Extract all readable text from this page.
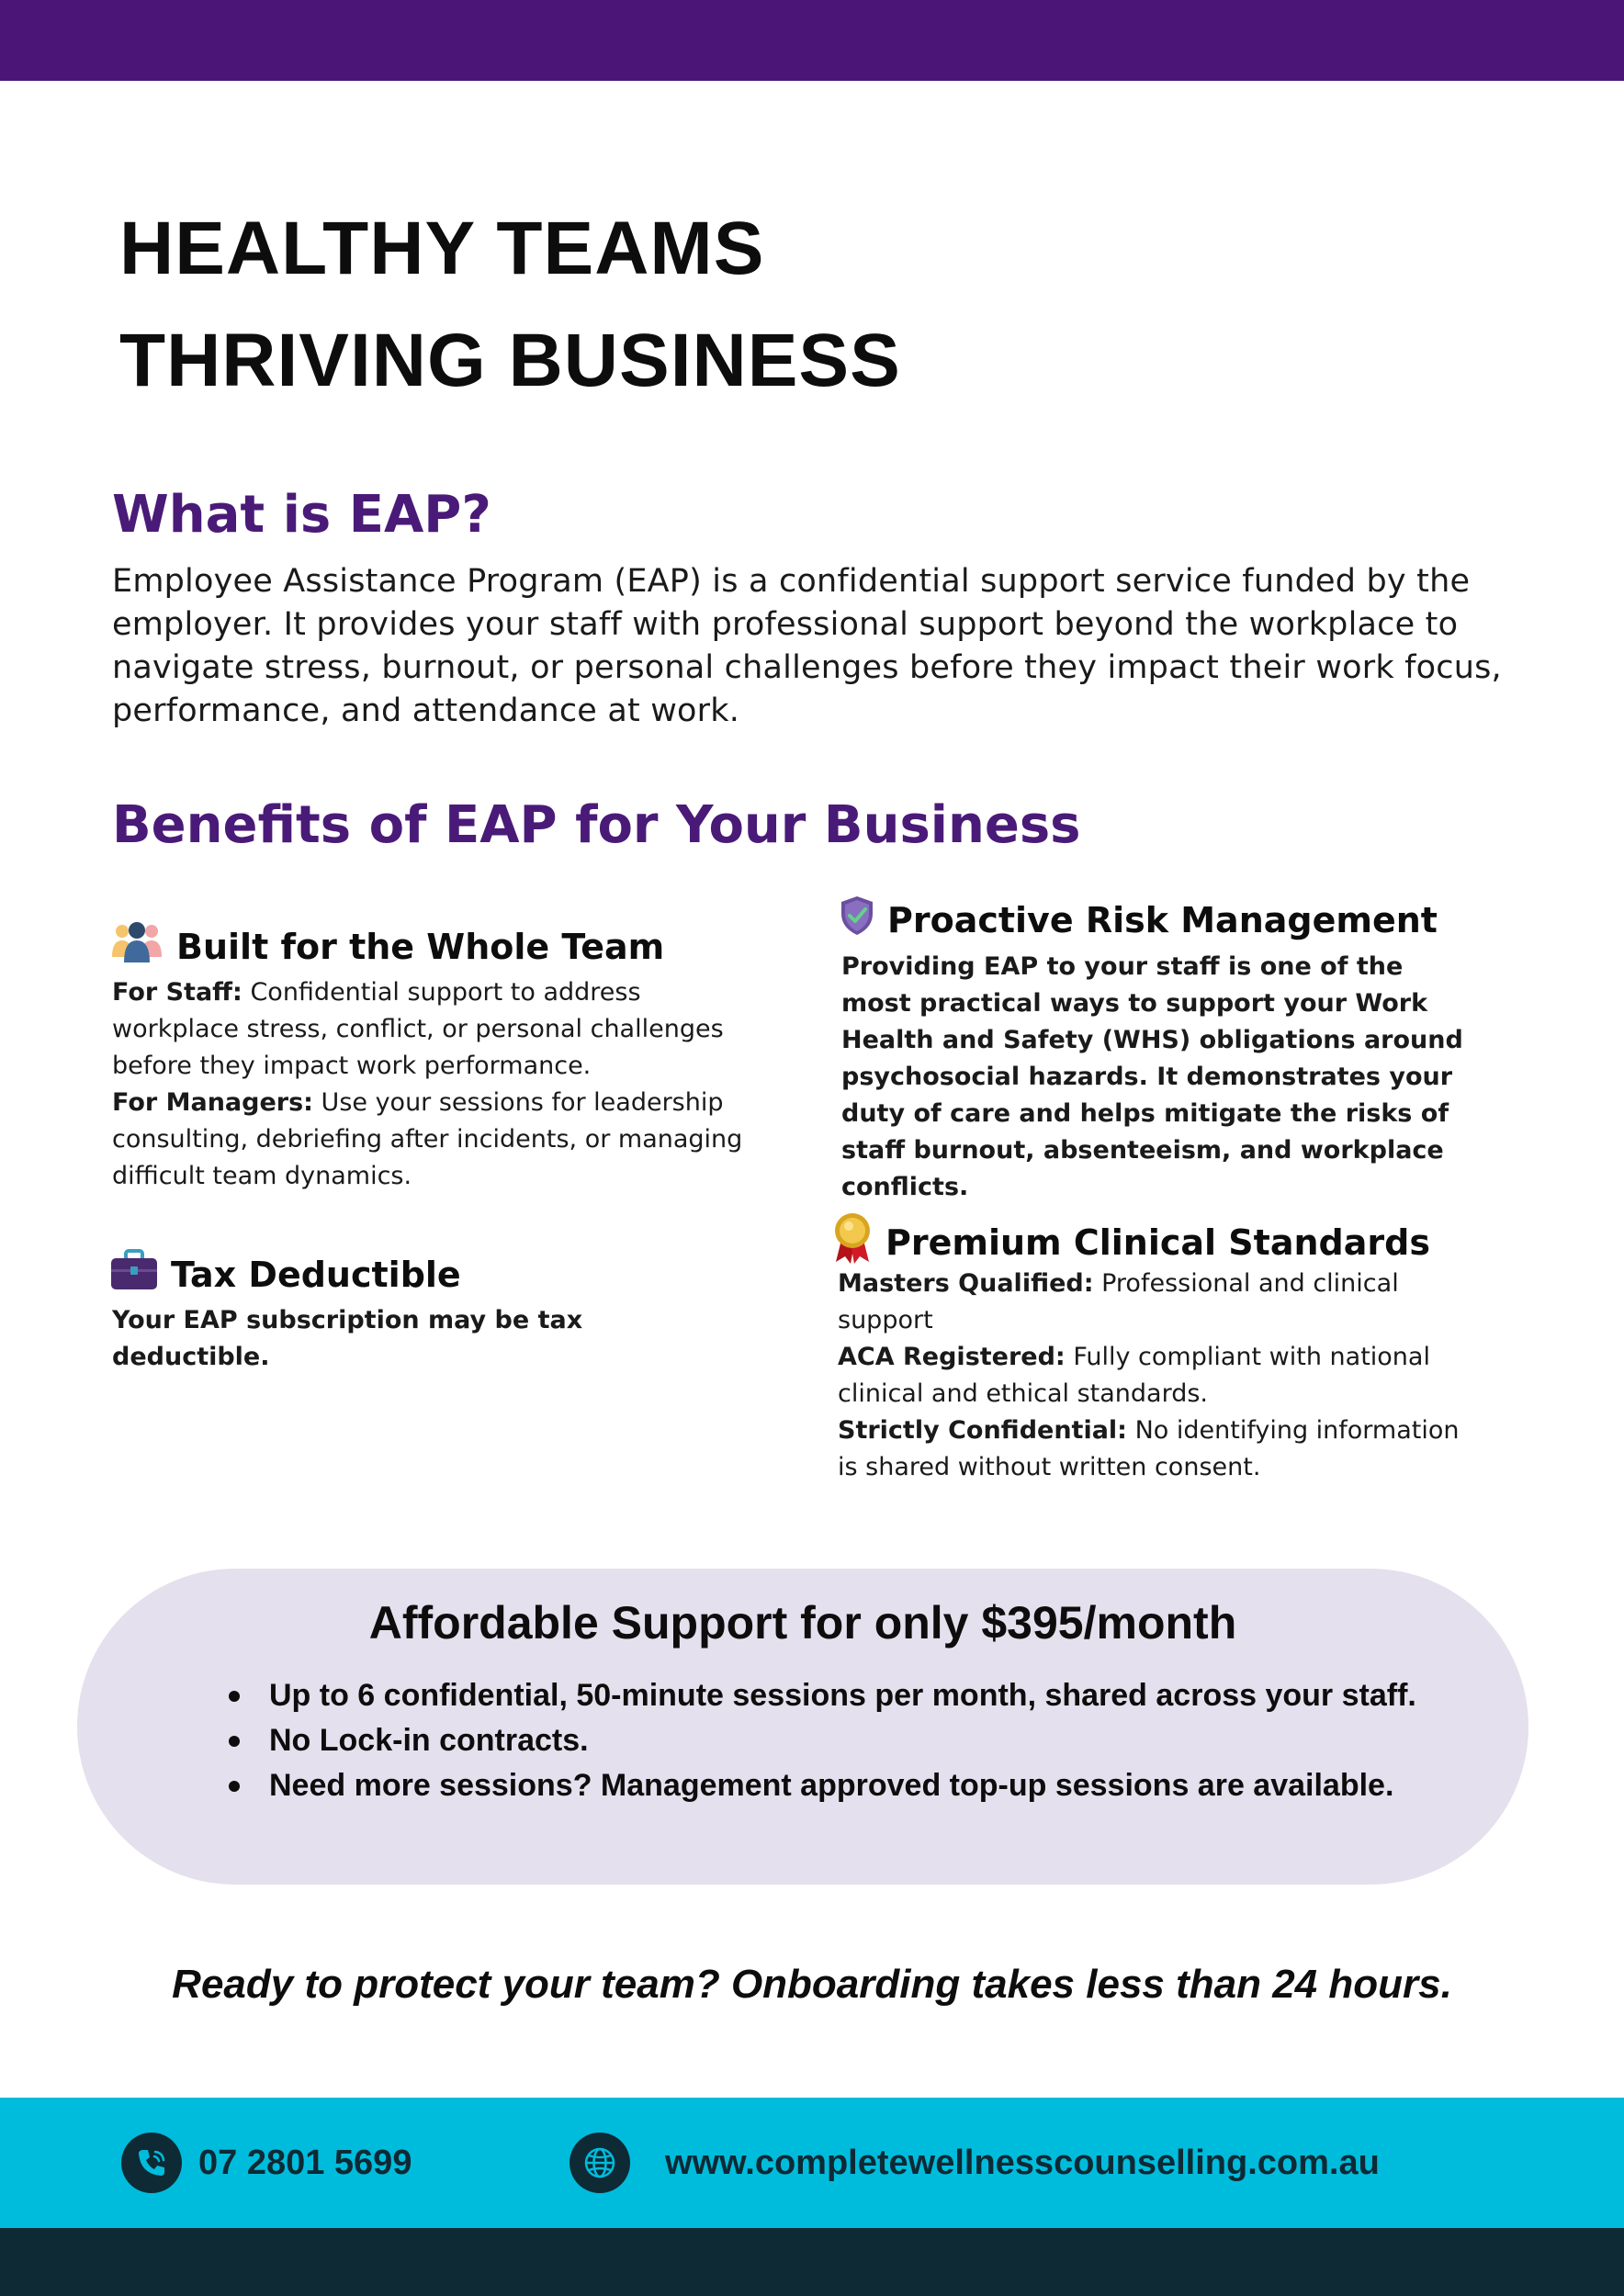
HEALTHY TEAMS
THRIVING BUSINESS
What is EAP?
Employee Assistance Program (EAP) is a confidential support service funded by the employer. It provides your staff with professional support beyond the workplace to navigate stress, burnout, or personal challenges before they impact their work focus, performance, and attendance at work.
Benefits of EAP for Your Business
Built for the Whole Team
For Staff: Confidential support to address workplace stress, conflict, or personal challenges before they impact work performance.
For Managers: Use your sessions for leadership consulting, debriefing after incidents, or managing difficult team dynamics.
Tax Deductible
Your EAP subscription may be tax deductible.
Proactive Risk Management
Providing EAP to your staff is one of the most practical ways to support your Work Health and Safety (WHS) obligations around psychosocial hazards. It demonstrates your duty of care and helps mitigate the risks of staff burnout, absenteeism, and workplace conflicts.
Premium Clinical Standards
Masters Qualified: Professional and clinical support
ACA Registered: Fully compliant with national clinical and ethical standards.
Strictly Confidential: No identifying information is shared without written consent.
Affordable Support for only $395/month
Up to 6 confidential, 50-minute sessions per month, shared across your staff.
No Lock-in contracts.
Need more sessions? Management approved top-up sessions are available.
Ready to protect your team? Onboarding takes less than 24 hours.
07 2801 5699	www.completewellnesscounselling.com.au
